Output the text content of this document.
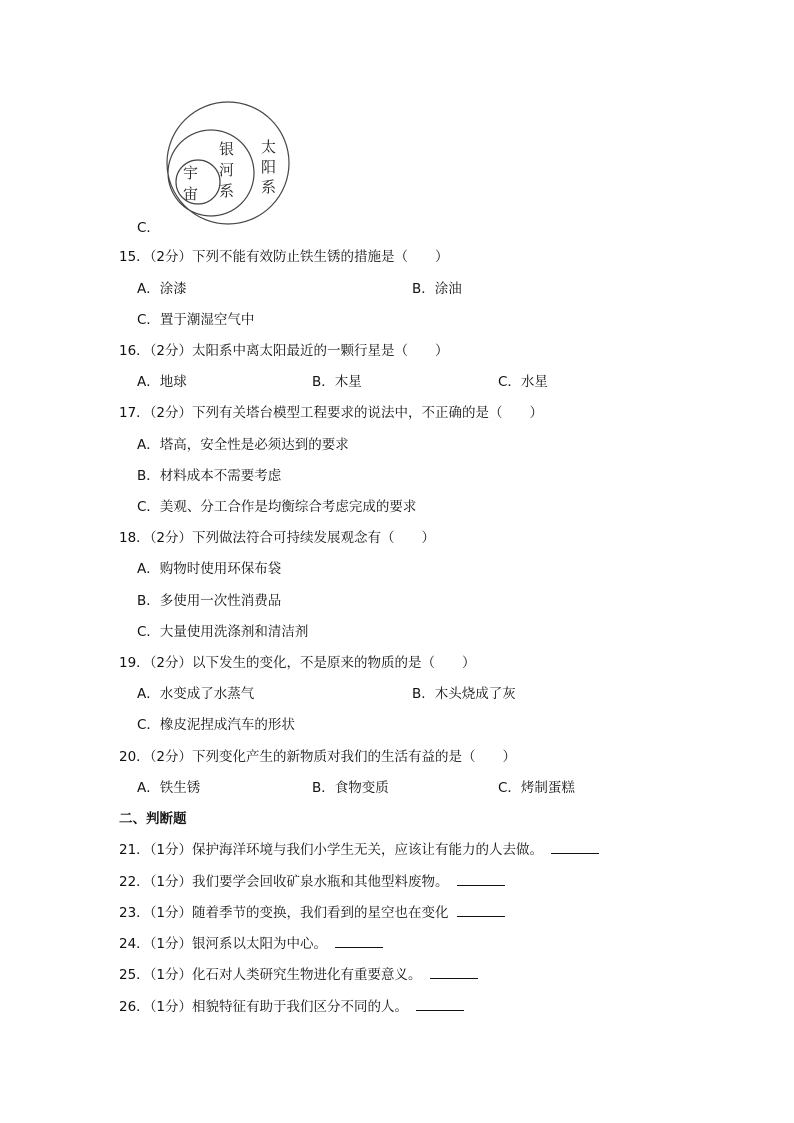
太
阳
系
银
河
系
宇
宙
C．
15．（2分）下列不能有效防止铁生锈的措施是（　　）
A．涂漆	B．涂油
C．置于潮湿空气中
16．（2分）太阳系中离太阳最近的一颗行星是（　　）
A．地球	B．木星	C．水星
17．（2分）下列有关塔台模型工程要求的说法中，不正确的是（　　）
A．塔高，安全性是必须达到的要求
B．材料成本不需要考虑
C．美观、分工合作是均衡综合考虑完成的要求
18．（2分）下列做法符合可持续发展观念有（　　）
A．购物时使用环保布袋
B．多使用一次性消费品
C．大量使用洗涤剂和清洁剂
19．（2分）以下发生的变化，不是原来的物质的是（　　）
A．水变成了水蒸气	B．木头烧成了灰
C．橡皮泥捏成汽车的形状
20．（2分）下列变化产生的新物质对我们的生活有益的是（　　）
A．铁生锈	B．食物变质	C．烤制蛋糕
二、判断题
21．（1分）保护海洋环境与我们小学生无关，应该让有能力的人去做。
22．（1分）我们要学会回收矿泉水瓶和其他型料废物。
23．（1分）随着季节的变换，我们看到的星空也在变化
24．（1分）银河系以太阳为中心。
25．（1分）化石对人类研究生物进化有重要意义。
26．（1分）相貌特征有助于我们区分不同的人。
